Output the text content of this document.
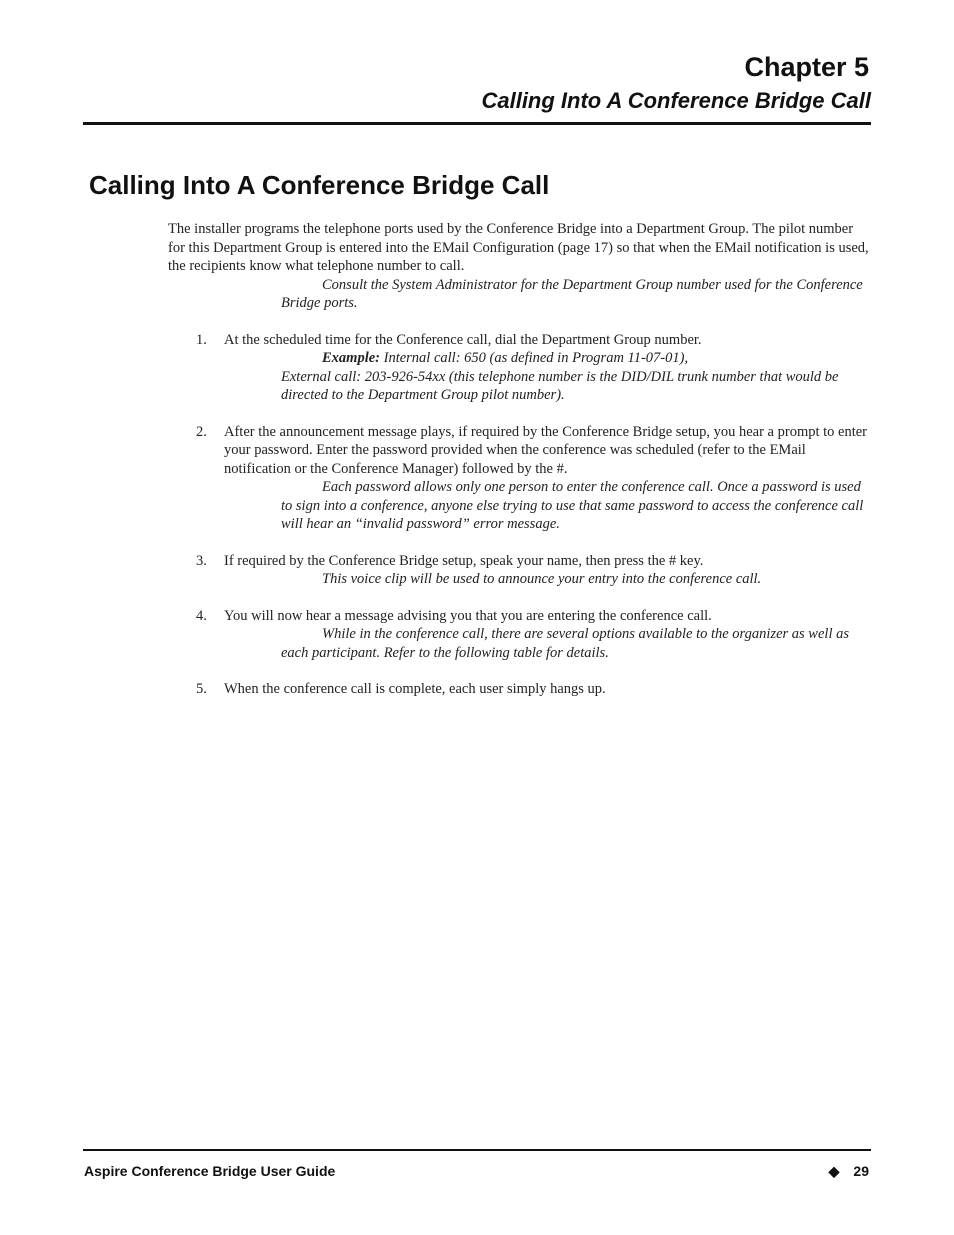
Chapter 5
Calling Into A Conference Bridge Call
Calling Into A Conference Bridge Call

The installer programs the telephone ports used by the Conference Bridge into a Department Group. The pilot number for this Department Group is entered into the EMail Configuration (page 17) so that when the EMail notification is used, the recipients know what telephone number to call.

Consult the System Administrator for the Department Group number used for the Conference Bridge ports.

1.	At the scheduled time for the Conference call, dial the Department Group number.

Example: Internal call: 650 (as defined in Program 11-07-01),
External call: 203-926-54xx (this telephone number is the DID/DIL trunk number that would be directed to the Department Group pilot number).

2.	After the announcement message plays, if required by the Conference Bridge setup, you hear a prompt to enter your password. Enter the password provided when the conference was scheduled (refer to the EMail notification or the Conference Manager) followed by the #.

Each password allows only one person to enter the conference call. Once a password is used to sign into a conference, anyone else trying to use that same password to access the conference call will hear an “invalid password” error message.

3.	If required by the Conference Bridge setup, speak your name, then press the # key.

This voice clip will be used to announce your entry into the conference call.

4.	You will now hear a message advising you that you are entering the conference call.

While in the conference call, there are several options available to the organizer as well as each participant. Refer to the following table for details.

5.	When the conference call is complete, each user simply hangs up.
Aspire Conference Bridge User Guide	◆ 29
